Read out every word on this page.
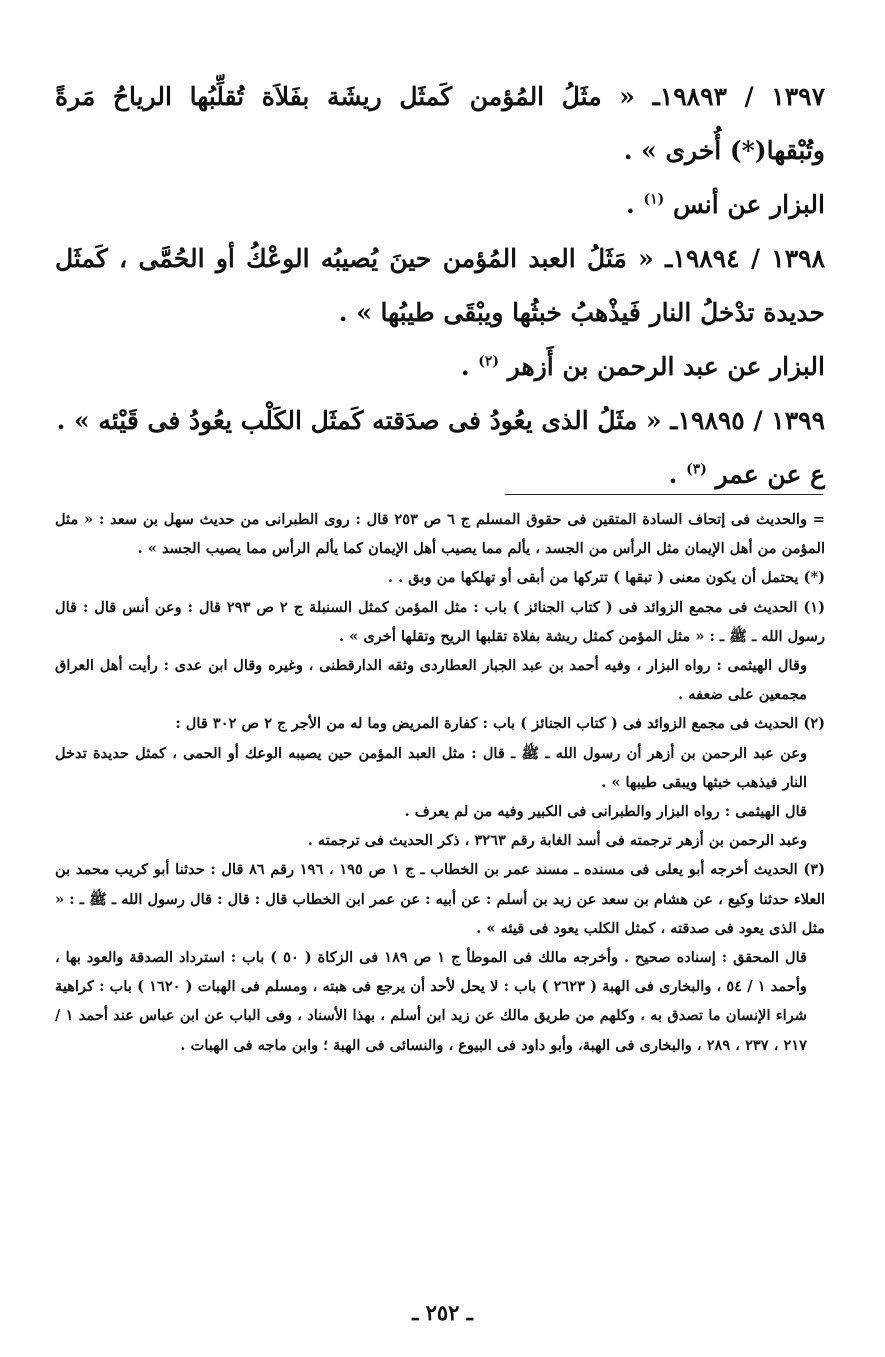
١٣٩٧ / ١٩٨٩٣ـ « مثَلُ المُؤمن كَمثَل ريشَة بفَلاَة تُقلِّبُها الرياحُ مَرةً وتُبْقها(*) أُخرى » .

البزار عن أنس $^{(١)}$ .

١٣٩٨ / ١٩٨٩٤ـ « مَثَلُ العبد المُؤمن حينَ يُصيبُه الوعْكُ أو الحُمَّى ، كَمثَل حديدة تدْخلُ النار فَيذْهبُ خبثُها ويبْقَى طيبُها » .

البزار عن عبد الرحمن بن أَزهر $^{(٢)}$ .

١٣٩٩ / ١٩٨٩٥ـ « مثَلُ الذى يعُودُ فى صدَقته كَمثَل الكَلْب يعُودُ فى قَيْئه » .

ع عن عمر $^{(٣)}$ .

= والحديث فى إتحاف السادة المتقين فى حقوق المسلم ج ٦ ص ٢٥٣ قال : روى الطبرانى من حديث سهل بن سعد : « مثل المؤمن من أهل الإيمان مثل الرأس من الجسد ، يألم مما يصيب أهل الإيمان كما يألم الرأس مما يصيب الجسد » .

(*) يحتمل أن يكون معنى ( تبقها ) تتركها من أبقى أو تهلكها من وبق . .

(١) الحديث فى مجمع الزوائد فى ( كتاب الجنائز ) باب : مثل المؤمن كمثل السنبلة ج ٢ ص ٢٩٣ قال : وعن أنس قال : قال رسول الله ـ ﷺ ـ : « مثل المؤمن كمثل ريشة بفلاة تقلبها الريح وتقلها أخرى » .

وقال الهيثمى : رواه البزار ، وفيه أحمد بن عبد الجبار العطاردى وثقه الدارقطنى ، وغيره وقال ابن عدى : رأيت أهل العراق مجمعين على ضعفه .

(٢) الحديث فى مجمع الزوائد فى ( كتاب الجنائز ) باب : كفارة المريض وما له من الأجر ج ٢ ص ٣٠٢ قال :

وعن عبد الرحمن بن أزهر أن رسول الله ـ ﷺ ـ قال : مثل العبد المؤمن حين يصيبه الوعك أو الحمى ، كمثل حديدة تدخل النار فيذهب خبثها ويبقى طيبها » .

قال الهيثمى : رواه البزار والطبرانى فى الكبير وفيه من لم يعرف .

وعبد الرحمن بن أزهر ترجمته فى أسد الغابة رقم ٣٢٦٣ ، ذكر الحديث فى ترجمته .

(٣) الحديث أخرجه أبو يعلى فى مسنده ـ مسند عمر بن الخطاب ـ ج ١ ص ١٩٥ ، ١٩٦ رقم ٨٦ قال : حدثنا أبو كريب محمد بن العلاء حدثنا وكيع ، عن هشام بن سعد عن زيد بن أسلم : عن أبيه : عن عمر ابن الخطاب قال : قال : قال رسول الله ـ ﷺ ـ : « مثل الذى يعود فى صدقته ، كمثل الكلب يعود فى قيئه » .

قال المحقق : إسناده صحيح . وأخرجه مالك فى الموطأ ج ١ ص ١٨٩ فى الزكاة ( ٥٠ ) باب : استرداد الصدقة والعود بها ، وأحمد ١ / ٥٤ ، والبخارى فى الهبة ( ٢٦٢٣ ) باب : لا يحل لأحد أن يرجع فى هبته ، ومسلم فى الهبات ( ١٦٢٠ ) باب : كراهية شراء الإنسان ما تصدق به ، وكلهم من طريق مالك عن زيد ابن أسلم ، بهذا الأسناد ، وفى الباب عن ابن عباس عند أحمد ١ / ٢١٧ ، ٢٣٧ ، ٢٨٩ ، والبخارى فى الهبة، وأبو داود فى البيوع ، والنسائى فى الهبة ؛ وابن ماجه فى الهبات .

ـ ٢٥٢ ـ
